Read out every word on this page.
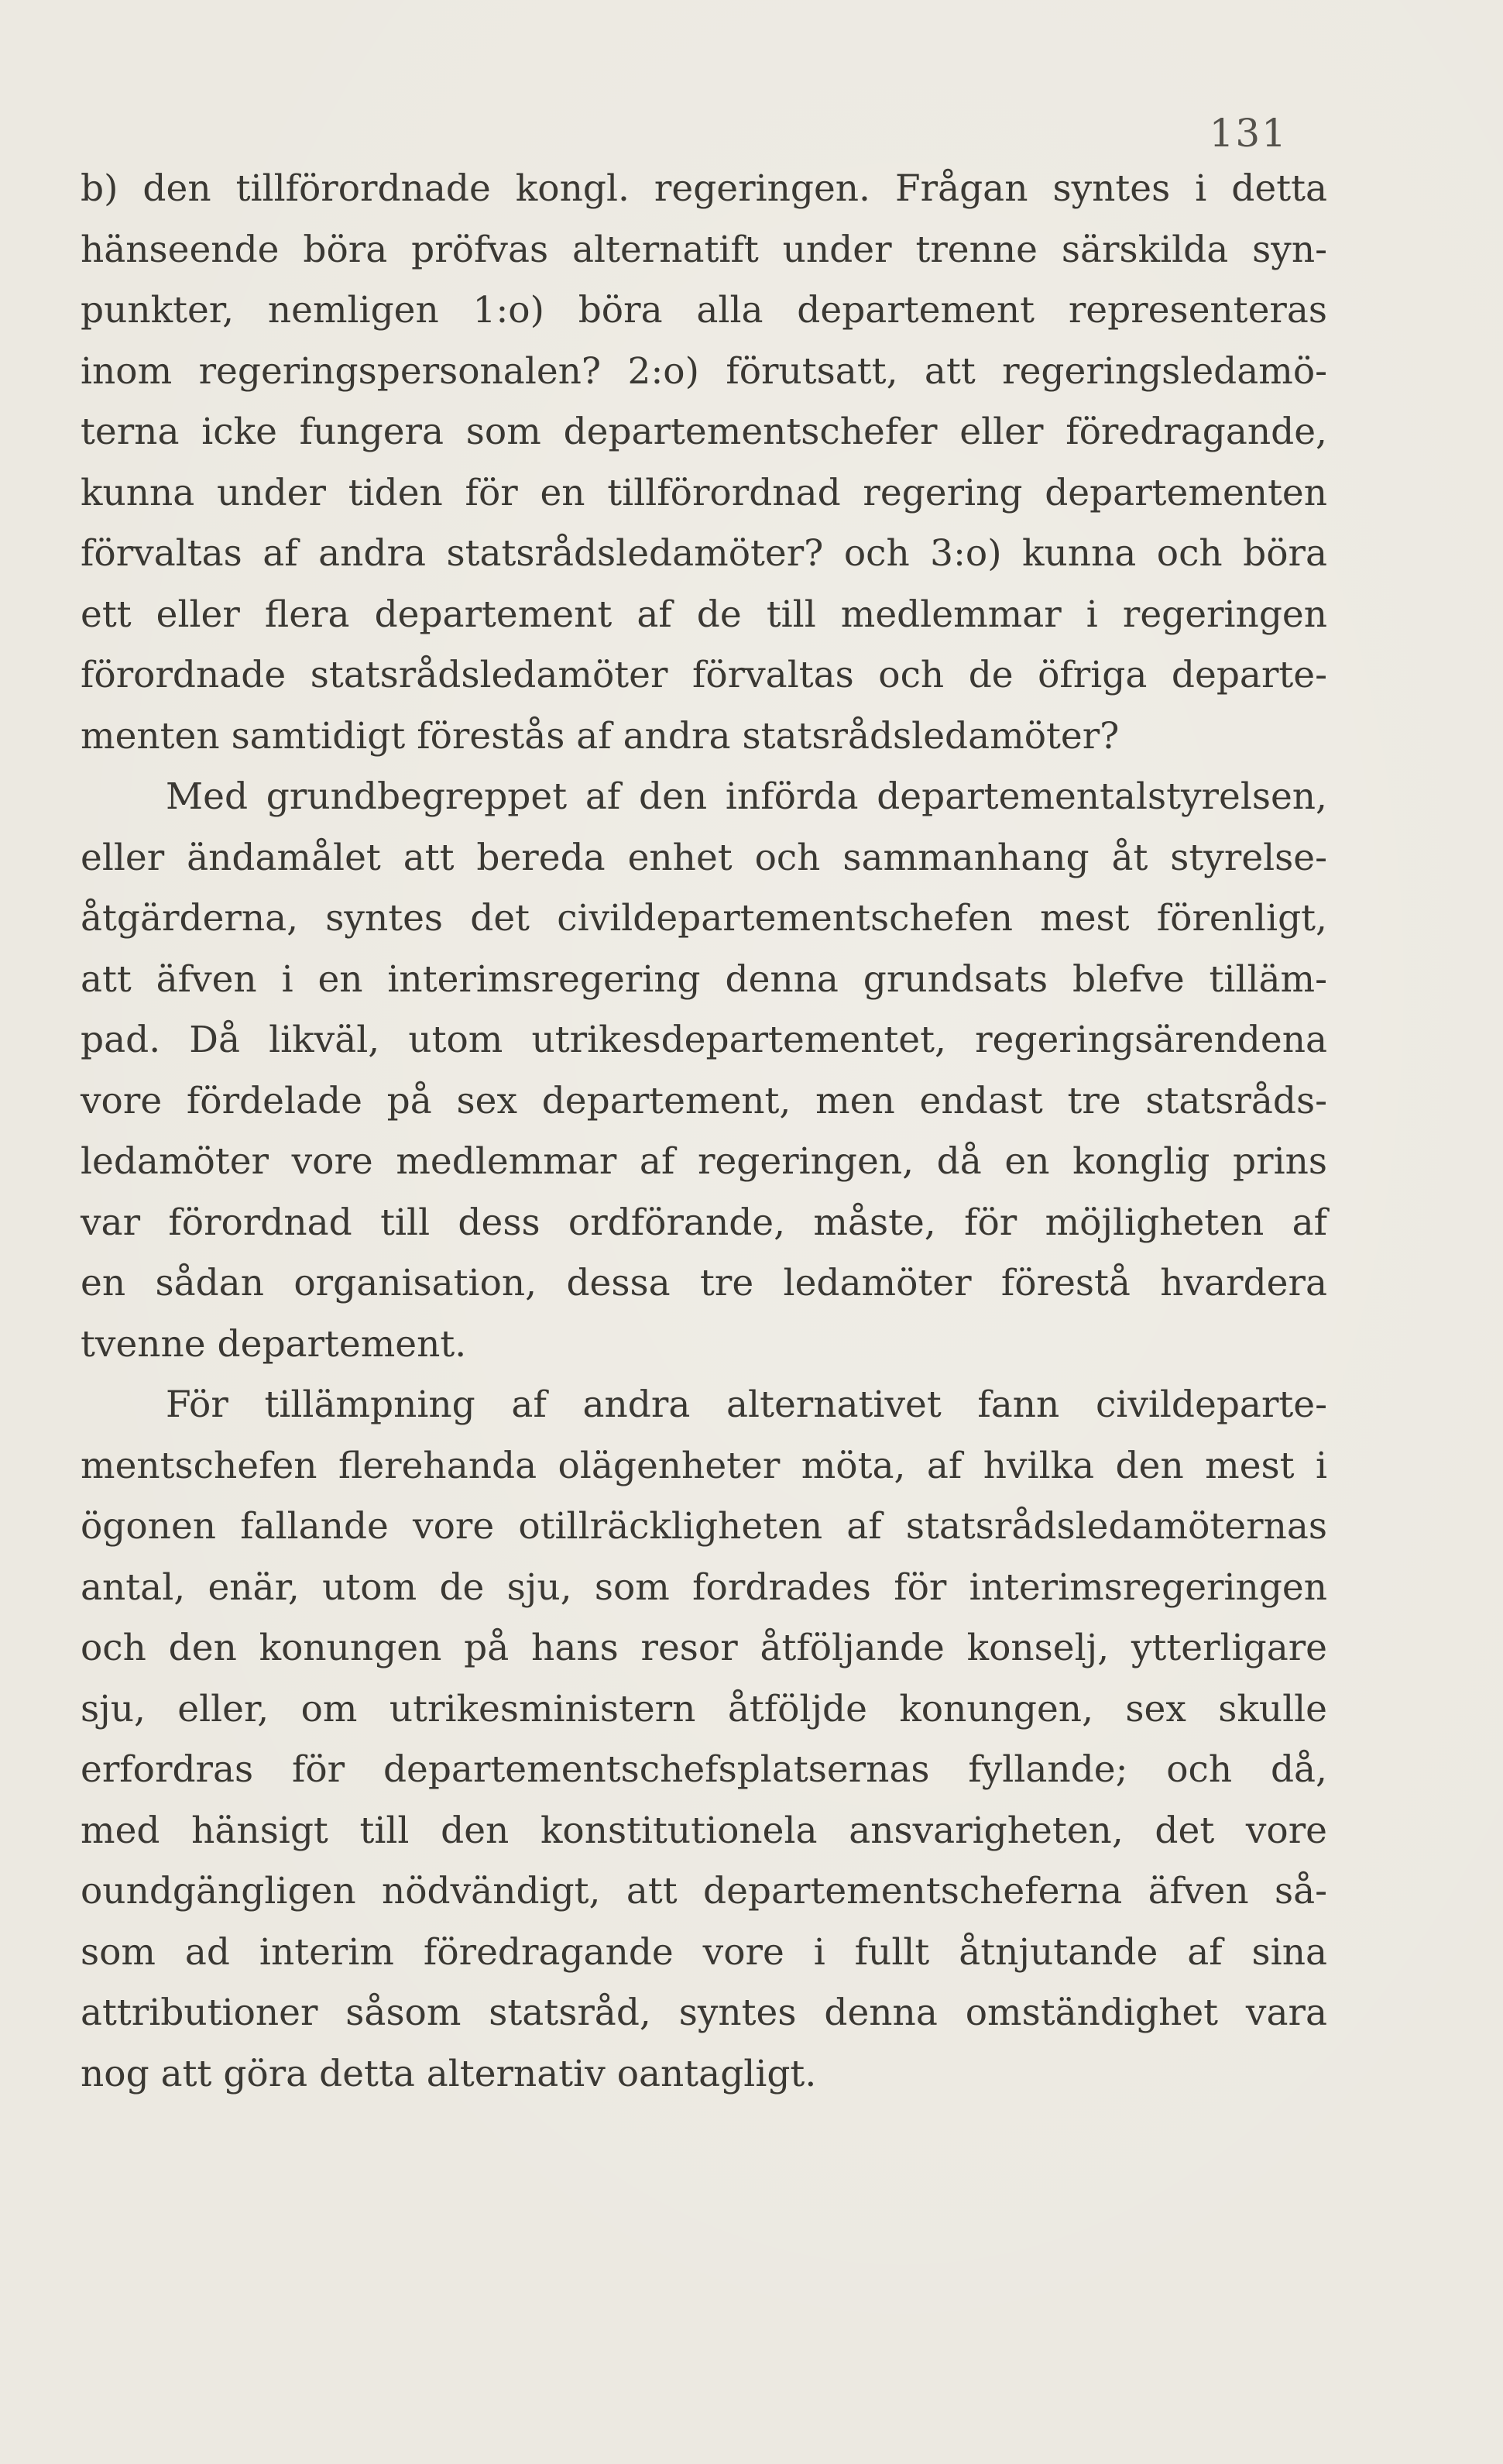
131
b) den tillförordnade kongl. regeringen. Frågan syntes i detta
hänseende böra pröfvas alternatift under trenne särskilda syn-
punkter, nemligen 1:o) böra alla departement representeras
inom regeringspersonalen? 2:o) förutsatt, att regeringsledamö-
terna icke fungera som departementschefer eller föredragande,
kunna under tiden för en tillförordnad regering departementen
förvaltas af andra statsrådsledamöter? och 3:o) kunna och böra
ett eller flera departement af de till medlemmar i regeringen
förordnade statsrådsledamöter förvaltas och de öfriga departe-
menten samtidigt förestås af andra statsrådsledamöter?
Med grundbegreppet af den införda departementalstyrelsen,
eller ändamålet att bereda enhet och sammanhang åt styrelse-
åtgärderna, syntes det civildepartementschefen mest förenligt,
att äfven i en interimsregering denna grundsats blefve tilläm-
pad. Då likväl, utom utrikesdepartementet, regeringsärendena
vore fördelade på sex departement, men endast tre statsråds-
ledamöter vore medlemmar af regeringen, då en konglig prins
var förordnad till dess ordförande, måste, för möjligheten af
en sådan organisation, dessa tre ledamöter förestå hvardera
tvenne departement.
För tillämpning af andra alternativet fann civildeparte-
mentschefen flerehanda olägenheter möta, af hvilka den mest i
ögonen fallande vore otillräckligheten af statsrådsledamöternas
antal, enär, utom de sju, som fordrades för interimsregeringen
och den konungen på hans resor åtföljande konselj, ytterligare
sju, eller, om utrikesministern åtföljde konungen, sex skulle
erfordras för departementschefsplatsernas fyllande; och då,
med hänsigt till den konstitutionela ansvarigheten, det vore
oundgängligen nödvändigt, att departementscheferna äfven så-
som ad interim föredragande vore i fullt åtnjutande af sina
attributioner såsom statsråd, syntes denna omständighet vara
nog att göra detta alternativ oantagligt.
